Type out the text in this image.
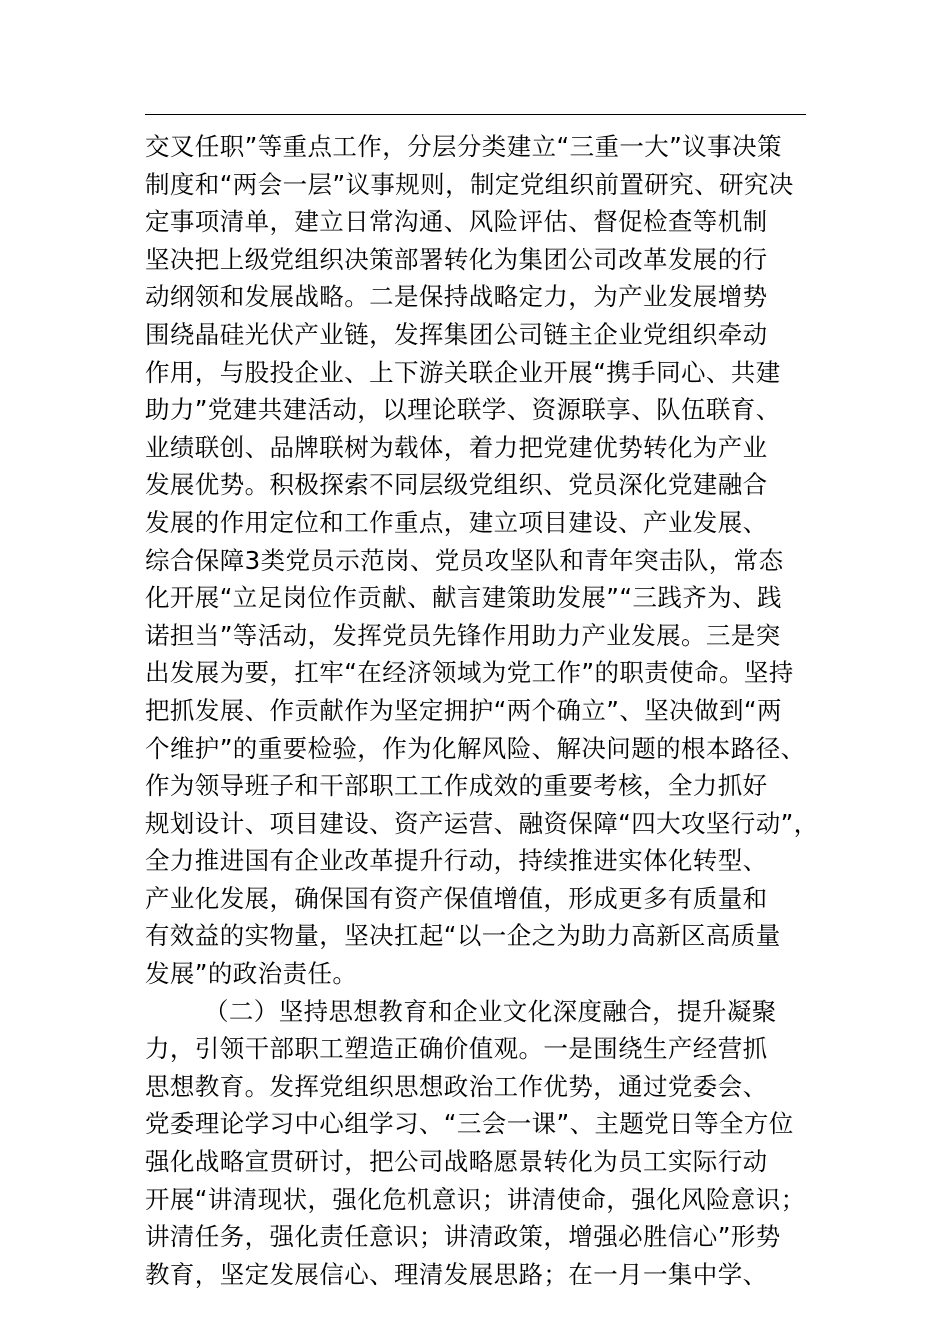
交叉任职”等重点工作，分层分类建立“三重一大”议事决策
制度和“两会一层”议事规则，制定党组织前置研究、研究决
定事项清单，建立日常沟通、风险评估、督促检查等机制
坚决把上级党组织决策部署转化为集团公司改革发展的行
动纲领和发展战略。二是保持战略定力，为产业发展增势
围绕晶硅光伏产业链，发挥集团公司链主企业党组织牵动
作用，与股投企业、上下游关联企业开展“携手同心、共建
助力”党建共建活动，以理论联学、资源联享、队伍联育、
业绩联创、品牌联树为载体，着力把党建优势转化为产业
发展优势。积极探索不同层级党组织、党员深化党建融合
发展的作用定位和工作重点，建立项目建设、产业发展、
综合保障3类党员示范岗、党员攻坚队和青年突击队，常态
化开展“立足岗位作贡献、献言建策助发展”“三践齐为、践
诺担当”等活动，发挥党员先锋作用助力产业发展。三是突
出发展为要，扛牢“在经济领域为党工作”的职责使命。坚持
把抓发展、作贡献作为坚定拥护“两个确立”、坚决做到“两
个维护”的重要检验，作为化解风险、解决问题的根本路径、
作为领导班子和干部职工工作成效的重要考核，全力抓好
规划设计、项目建设、资产运营、融资保障“四大攻坚行动”，
全力推进国有企业改革提升行动，持续推进实体化转型、
产业化发展，确保国有资产保值增值，形成更多有质量和
有效益的实物量，坚决扛起“以一企之为助力高新区高质量
发展”的政治责任。
（二）坚持思想教育和企业文化深度融合，提升凝聚
力，引领干部职工塑造正确价值观。一是围绕生产经营抓
思想教育。发挥党组织思想政治工作优势，通过党委会、
党委理论学习中心组学习、“三会一课”、主题党日等全方位
强化战略宣贯研讨，把公司战略愿景转化为员工实际行动
开展“讲清现状，强化危机意识；讲清使命，强化风险意识；
讲清任务，强化责任意识；讲清政策，增强必胜信心”形势
教育，坚定发展信心、理清发展思路；在一月一集中学、
